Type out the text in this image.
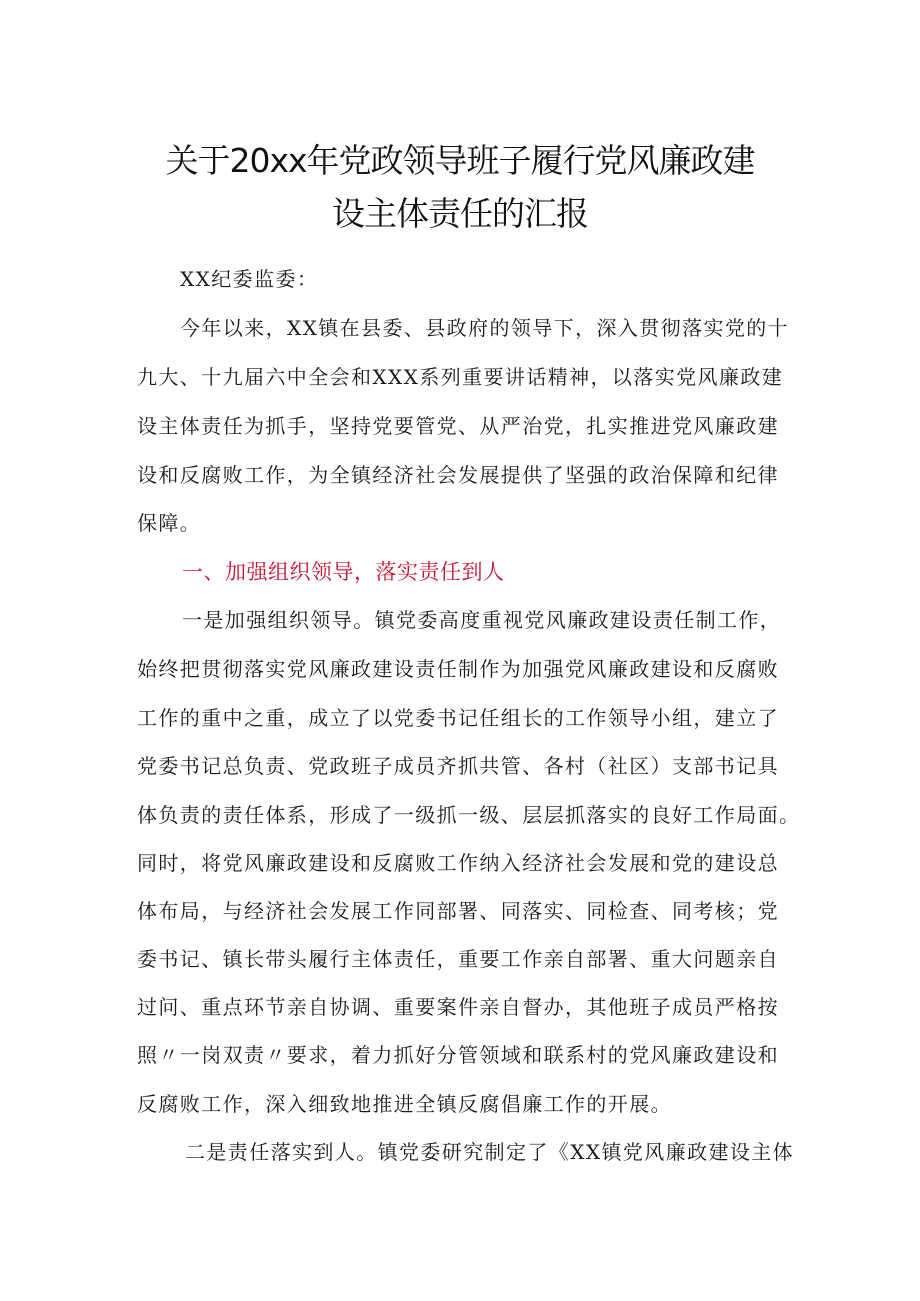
关于20xx年党政领导班子履行党风廉政建
设主体责任的汇报
XX纪委监委：
今年以来，XX镇在县委、县政府的领导下，深入贯彻落实党的十
九大、十九届六中全会和XXX系列重要讲话精神，以落实党风廉政建
设主体责任为抓手，坚持党要管党、从严治党，扎实推进党风廉政建
设和反腐败工作，为全镇经济社会发展提供了坚强的政治保障和纪律
保障。
一、加强组织领导，落实责任到人
一是加强组织领导。镇党委高度重视党风廉政建设责任制工作，
始终把贯彻落实党风廉政建设责任制作为加强党风廉政建设和反腐败
工作的重中之重，成立了以党委书记任组长的工作领导小组，建立了
党委书记总负责、党政班子成员齐抓共管、各村（社区）支部书记具
体负责的责任体系，形成了一级抓一级、层层抓落实的良好工作局面。
同时，将党风廉政建设和反腐败工作纳入经济社会发展和党的建设总
体布局，与经济社会发展工作同部署、同落实、同检查、同考核；党
委书记、镇长带头履行主体责任，重要工作亲自部署、重大问题亲自
过问、重点环节亲自协调、重要案件亲自督办，其他班子成员严格按
照〃一岗双责〃要求，着力抓好分管领域和联系村的党风廉政建设和
反腐败工作，深入细致地推进全镇反腐倡廉工作的开展。
二是责任落实到人。镇党委研究制定了《XX镇党风廉政建设主体
